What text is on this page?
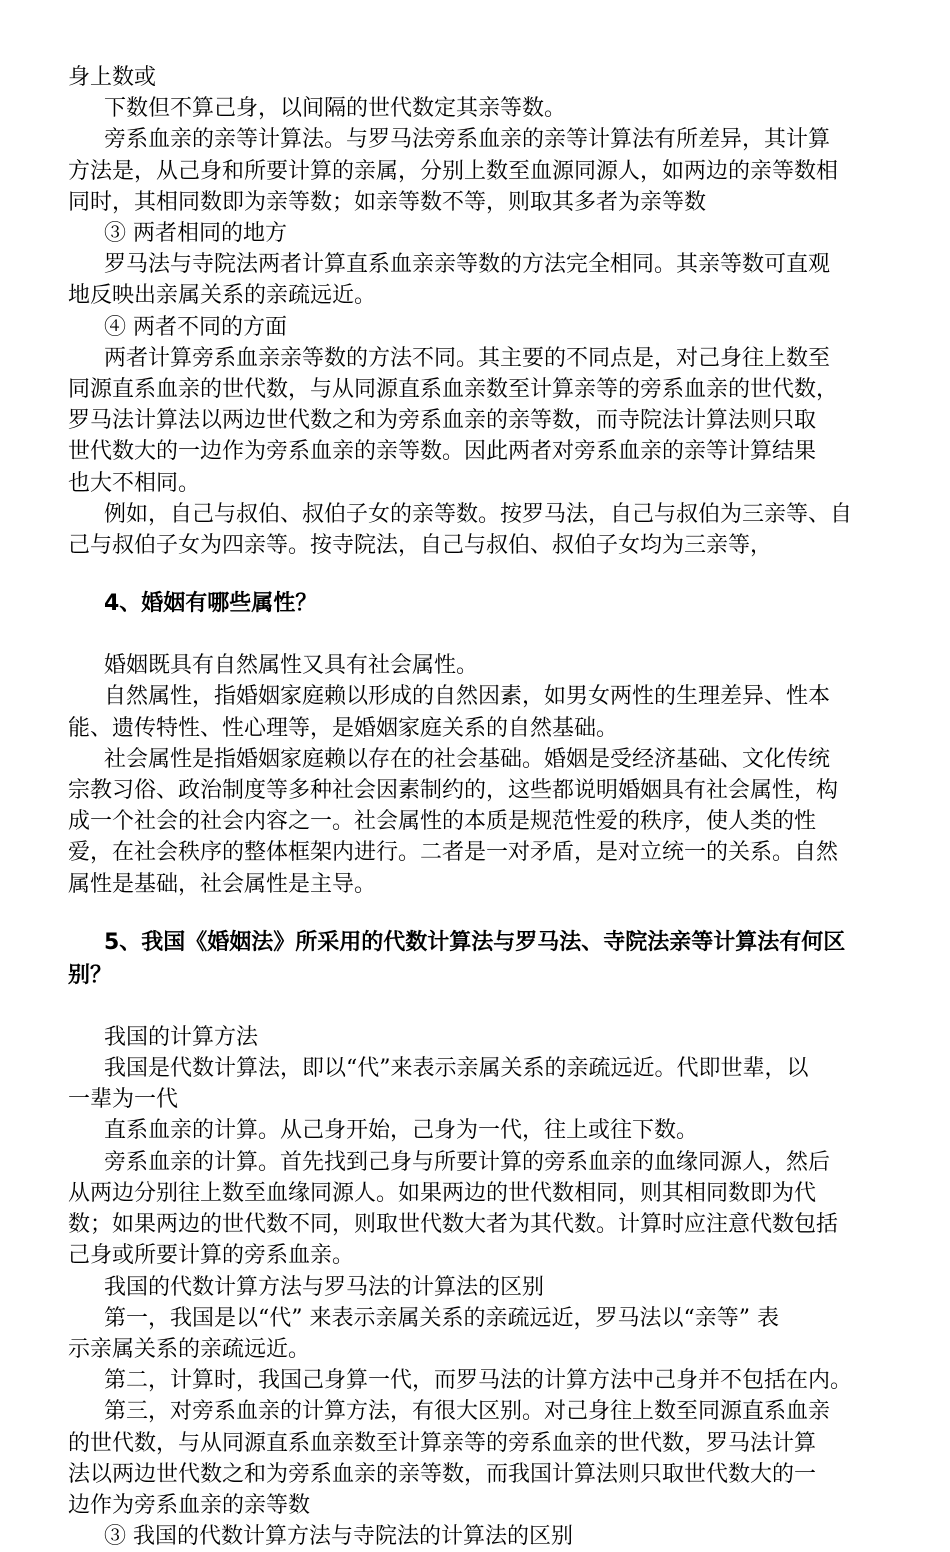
身上数或
下数但不算己身，以间隔的世代数定其亲等数。
旁系血亲的亲等计算法。与罗马法旁系血亲的亲等计算法有所差异，其计算
方法是，从己身和所要计算的亲属，分别上数至血源同源人，如两边的亲等数相
同时，其相同数即为亲等数；如亲等数不等，则取其多者为亲等数
③ 两者相同的地方
罗马法与寺院法两者计算直系血亲亲等数的方法完全相同。其亲等数可直观
地反映出亲属关系的亲疏远近。
④ 两者不同的方面
两者计算旁系血亲亲等数的方法不同。其主要的不同点是，对己身往上数至
同源直系血亲的世代数，与从同源直系血亲数至计算亲等的旁系血亲的世代数，
罗马法计算法以两边世代数之和为旁系血亲的亲等数，而寺院法计算法则只取
世代数大的一边作为旁系血亲的亲等数。因此两者对旁系血亲的亲等计算结果
也大不相同。
例如，自己与叔伯、叔伯子女的亲等数。按罗马法，自己与叔伯为三亲等、自
己与叔伯子女为四亲等。按寺院法，自己与叔伯、叔伯子女均为三亲等，
4、婚姻有哪些属性？
婚姻既具有自然属性又具有社会属性。
自然属性，指婚姻家庭赖以形成的自然因素，如男女两性的生理差异、性本
能、遗传特性、性心理等，是婚姻家庭关系的自然基础。
社会属性是指婚姻家庭赖以存在的社会基础。婚姻是受经济基础、文化传统
宗教习俗、政治制度等多种社会因素制约的，这些都说明婚姻具有社会属性，构
成一个社会的社会内容之一。社会属性的本质是规范性爱的秩序，使人类的性
爱，在社会秩序的整体框架内进行。二者是一对矛盾，是对立统一的关系。自然
属性是基础，社会属性是主导。
5、我国《婚姻法》所采用的代数计算法与罗马法、寺院法亲等计算法有何区
别？
我国的计算方法
我国是代数计算法，即以“代”来表示亲属关系的亲疏远近。代即世辈，以
一辈为一代
直系血亲的计算。从己身开始，己身为一代，往上或往下数。
旁系血亲的计算。首先找到己身与所要计算的旁系血亲的血缘同源人，然后
从两边分别往上数至血缘同源人。如果两边的世代数相同，则其相同数即为代
数；如果两边的世代数不同，则取世代数大者为其代数。计算时应注意代数包括
己身或所要计算的旁系血亲。
我国的代数计算方法与罗马法的计算法的区别
第一，我国是以“代” 来表示亲属关系的亲疏远近，罗马法以“亲等” 表
示亲属关系的亲疏远近。
第二，计算时，我国己身算一代，而罗马法的计算方法中己身并不包括在内。
第三，对旁系血亲的计算方法，有很大区别。对己身往上数至同源直系血亲
的世代数，与从同源直系血亲数至计算亲等的旁系血亲的世代数，罗马法计算
法以两边世代数之和为旁系血亲的亲等数，而我国计算法则只取世代数大的一
边作为旁系血亲的亲等数
③ 我国的代数计算方法与寺院法的计算法的区别
